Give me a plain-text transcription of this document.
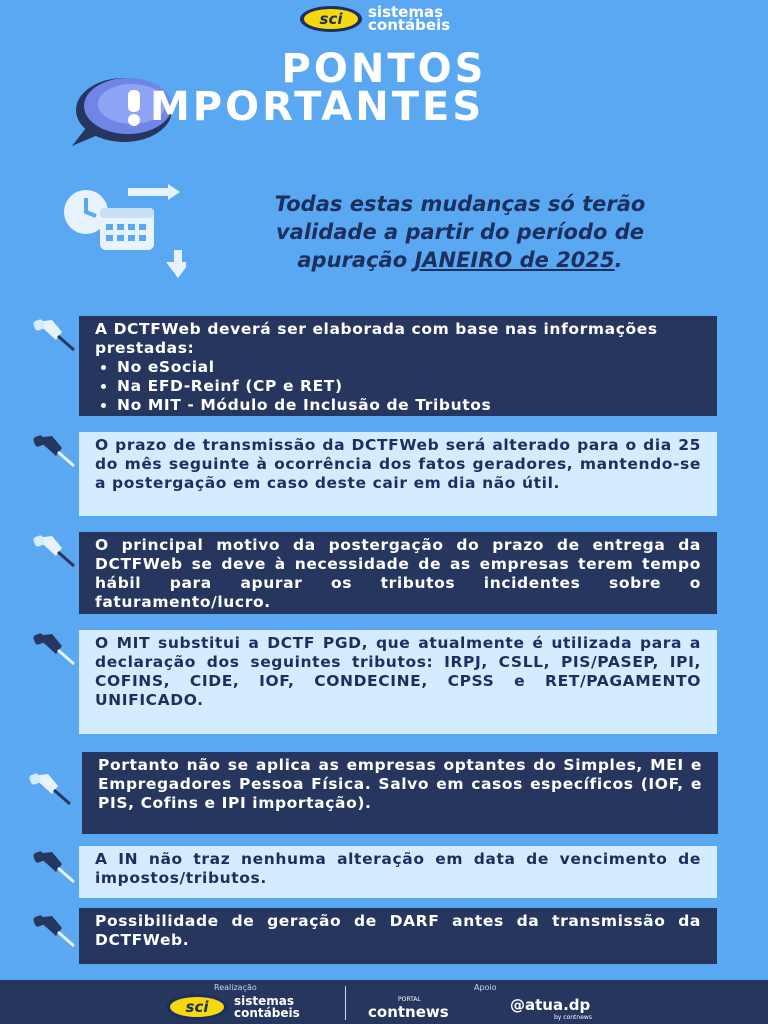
sci	sistemas
contábeis
PONTOS
MPORTANTES
Todas estas mudanças só terão
validade a partir do período de
apuração JANEIRO de 2025.
A DCTFWeb deverá ser elaborada com base nas informações prestadas:
• No eSocial
• Na EFD-Reinf (CP e RET)
• No MIT - Módulo de Inclusão de Tributos
O prazo de transmissão da DCTFWeb será alterado para o dia 25 do mês seguinte à ocorrência dos fatos geradores, mantendo-se a postergação em caso deste cair em dia não útil.
O principal motivo da postergação do prazo de entrega da DCTFWeb se deve à necessidade de as empresas terem tempo hábil para apurar os tributos incidentes sobre o faturamento/lucro.
O MIT substitui a DCTF PGD, que atualmente é utilizada para a declaração dos seguintes tributos: IRPJ, CSLL, PIS/PASEP, IPI, COFINS, CIDE, IOF, CONDECINE, CPSS e RET/PAGAMENTO UNIFICADO.
Portanto não se aplica as empresas optantes do Simples, MEI e Empregadores Pessoa Física. Salvo em casos específicos (IOF, e PIS, Cofins e IPI importação).
A IN não traz nenhuma alteração em data de vencimento de impostos/tributos.
Possibilidade de geração de DARF antes da transmissão da DCTFWeb.
Realização	Apoio
sci	sistemas
contábeis
PORTAL
contnews	@atua.dp
by contnews
